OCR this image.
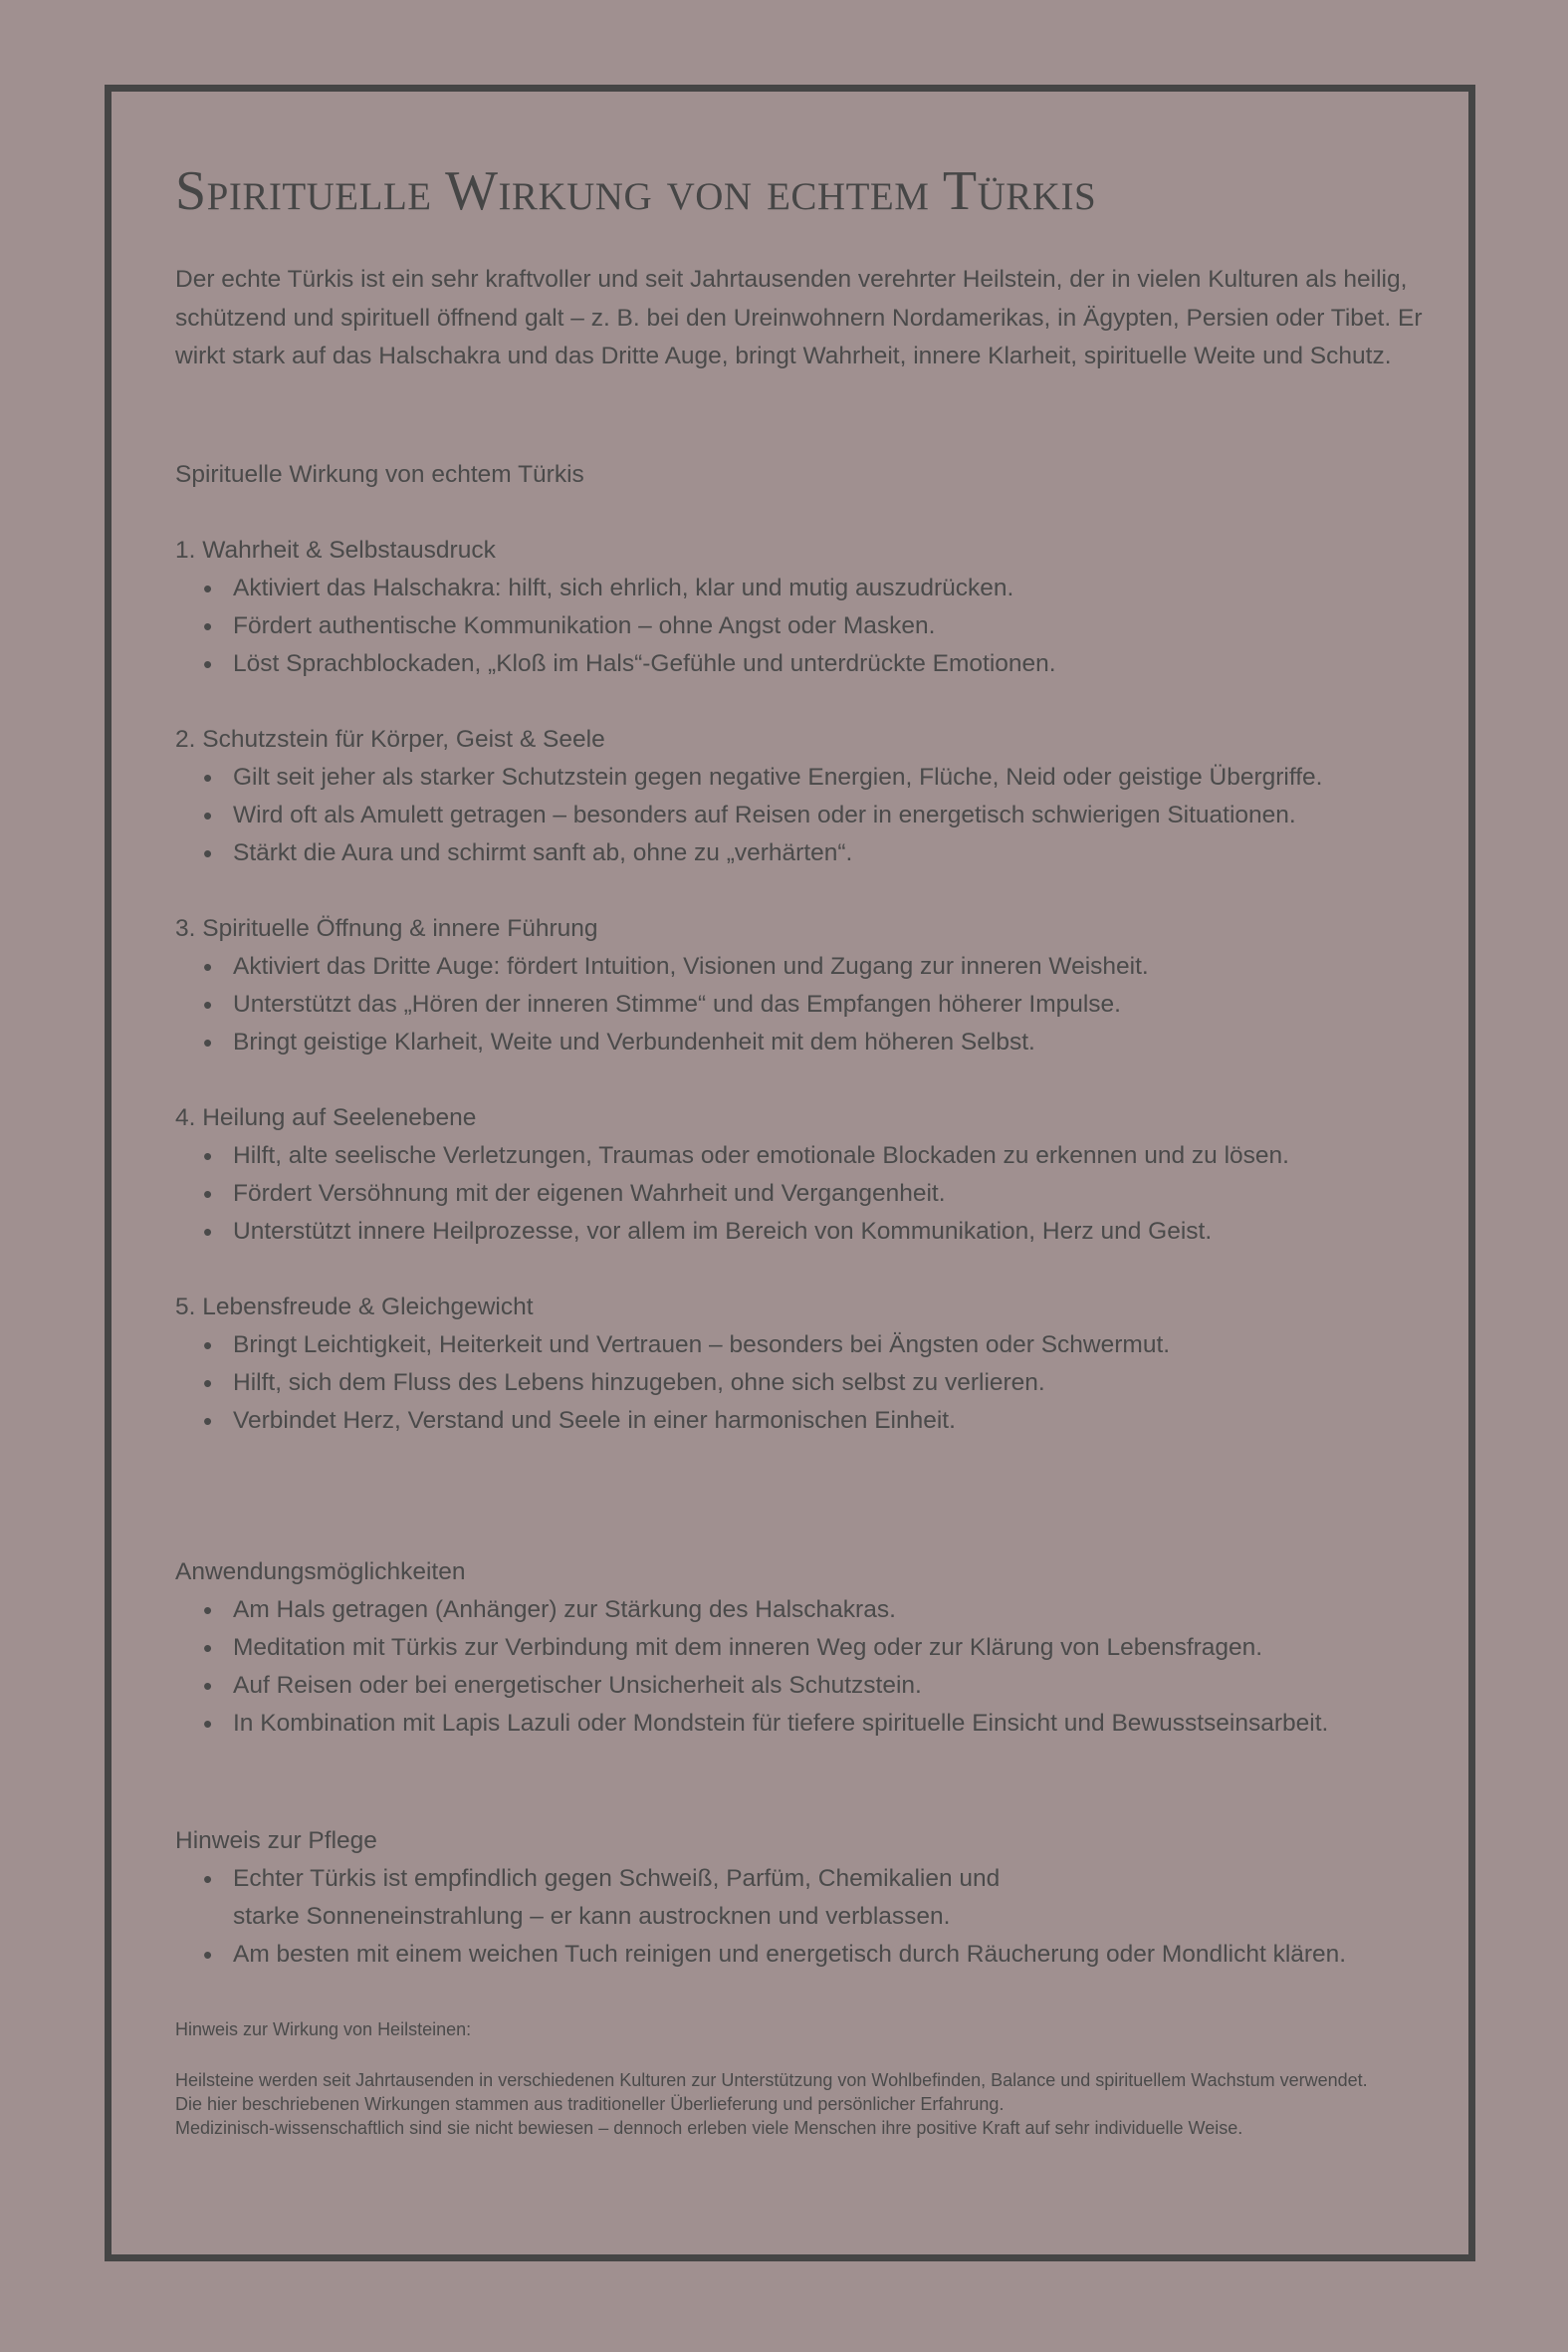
Spirituelle Wirkung von echtem Türkis

Der echte Türkis ist ein sehr kraftvoller und seit Jahrtausenden verehrter Heilstein, der in vielen Kulturen als heilig, schützend und spirituell öffnend galt – z. B. bei den Ureinwohnern Nordamerikas, in Ägypten, Persien oder Tibet. Er wirkt stark auf das Halschakra und das Dritte Auge, bringt Wahrheit, innere Klarheit, spirituelle Weite und Schutz.

Spirituelle Wirkung von echtem Türkis
1. Wahrheit & Selbstausdruck
• Aktiviert das Halschakra: hilft, sich ehrlich, klar und mutig auszudrücken.
• Fördert authentische Kommunikation – ohne Angst oder Masken.
• Löst Sprachblockaden, „Kloß im Hals“-Gefühle und unterdrückte Emotionen.
2. Schutzstein für Körper, Geist & Seele
• Gilt seit jeher als starker Schutzstein gegen negative Energien, Flüche, Neid oder geistige Übergriffe.
• Wird oft als Amulett getragen – besonders auf Reisen oder in energetisch schwierigen Situationen.
• Stärkt die Aura und schirmt sanft ab, ohne zu „verhärten“.
3. Spirituelle Öffnung & innere Führung
• Aktiviert das Dritte Auge: fördert Intuition, Visionen und Zugang zur inneren Weisheit.
• Unterstützt das „Hören der inneren Stimme“ und das Empfangen höherer Impulse.
• Bringt geistige Klarheit, Weite und Verbundenheit mit dem höheren Selbst.
4. Heilung auf Seelenebene
• Hilft, alte seelische Verletzungen, Traumas oder emotionale Blockaden zu erkennen und zu lösen.
• Fördert Versöhnung mit der eigenen Wahrheit und Vergangenheit.
• Unterstützt innere Heilprozesse, vor allem im Bereich von Kommunikation, Herz und Geist.
5. Lebensfreude & Gleichgewicht
• Bringt Leichtigkeit, Heiterkeit und Vertrauen – besonders bei Ängsten oder Schwermut.
• Hilft, sich dem Fluss des Lebens hinzugeben, ohne sich selbst zu verlieren.
• Verbindet Herz, Verstand und Seele in einer harmonischen Einheit.
Anwendungsmöglichkeiten
• Am Hals getragen (Anhänger) zur Stärkung des Halschakras.
• Meditation mit Türkis zur Verbindung mit dem inneren Weg oder zur Klärung von Lebensfragen.
• Auf Reisen oder bei energetischer Unsicherheit als Schutzstein.
• In Kombination mit Lapis Lazuli oder Mondstein für tiefere spirituelle Einsicht und Bewusstseinsarbeit.
Hinweis zur Pflege
• Echter Türkis ist empfindlich gegen Schweiß, Parfüm, Chemikalien und starke Sonneneinstrahlung – er kann austrocknen und verblassen.
• Am besten mit einem weichen Tuch reinigen und energetisch durch Räucherung oder Mondlicht klären.
Hinweis zur Wirkung von Heilsteinen:
Heilsteine werden seit Jahrtausenden in verschiedenen Kulturen zur Unterstützung von Wohlbefinden, Balance und spirituellem Wachstum verwendet.
Die hier beschriebenen Wirkungen stammen aus traditioneller Überlieferung und persönlicher Erfahrung.
Medizinisch-wissenschaftlich sind sie nicht bewiesen – dennoch erleben viele Menschen ihre positive Kraft auf sehr individuelle Weise.
